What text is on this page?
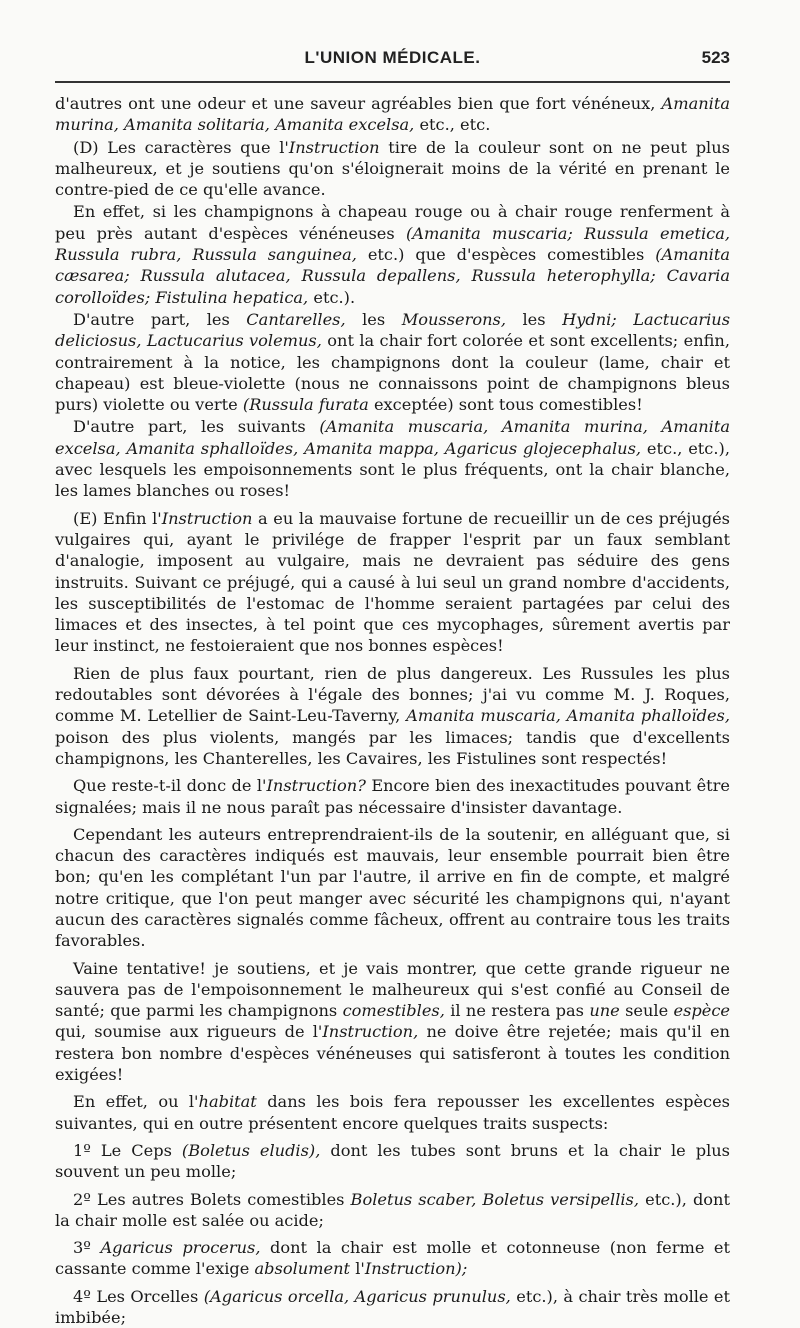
L'UNION MÉDICALE.	523

d'autres ont une odeur et une saveur agréables bien que fort vénéneux, Amanita murina, Amanita solitaria, Amanita excelsa, etc., etc.

(D) Les caractères que l'Instruction tire de la couleur sont on ne peut plus malheureux, et je soutiens qu'on s'éloignerait moins de la vérité en prenant le contre-pied de ce qu'elle avance.

En effet, si les champignons à chapeau rouge ou à chair rouge renferment à peu près autant d'espèces vénéneuses (Amanita muscaria; Russula emetica, Russula rubra, Russula sanguinea, etc.) que d'espèces comestibles (Amanita cæsarea; Russula alutacea, Russula depallens, Russula heterophylla; Cavaria corolloïdes; Fistulina hepatica, etc.).

D'autre part, les Cantarelles, les Mousserons, les Hydni; Lactucarius deliciosus, Lactucarius volemus, ont la chair fort colorée et sont excellents; enfin, contrairement à la notice, les champignons dont la couleur (lame, chair et chapeau) est bleue-violette (nous ne connaissons point de champignons bleus purs) violette ou verte (Russula furata exceptée) sont tous comestibles!

D'autre part, les suivants (Amanita muscaria, Amanita murina, Amanita excelsa, Amanita sphalloïdes, Amanita mappa, Agaricus glojecephalus, etc., etc.), avec lesquels les empoisonnements sont le plus fréquents, ont la chair blanche, les lames blanches ou roses!

(E) Enfin l'Instruction a eu la mauvaise fortune de recueillir un de ces préjugés vulgaires qui, ayant le privilége de frapper l'esprit par un faux semblant d'analogie, imposent au vulgaire, mais ne devraient pas séduire des gens instruits. Suivant ce préjugé, qui a causé à lui seul un grand nombre d'accidents, les susceptibilités de l'estomac de l'homme seraient partagées par celui des limaces et des insectes, à tel point que ces mycophages, sûrement avertis par leur instinct, ne festoieraient que nos bonnes espèces!

Rien de plus faux pourtant, rien de plus dangereux. Les Russules les plus redoutables sont dévorées à l'égale des bonnes; j'ai vu comme M. J. Roques, comme M. Letellier de Saint-Leu-Taverny, Amanita muscaria, Amanita phalloïdes, poison des plus violents, mangés par les limaces; tandis que d'excellents champignons, les Chanterelles, les Cavaires, les Fistulines sont respectés!

Que reste-t-il donc de l'Instruction? Encore bien des inexactitudes pouvant être signalées; mais il ne nous paraît pas nécessaire d'insister davantage.

Cependant les auteurs entreprendraient-ils de la soutenir, en alléguant que, si chacun des caractères indiqués est mauvais, leur ensemble pourrait bien être bon; qu'en les complétant l'un par l'autre, il arrive en fin de compte, et malgré notre critique, que l'on peut manger avec sécurité les champignons qui, n'ayant aucun des caractères signalés comme fâcheux, offrent au contraire tous les traits favorables.

Vaine tentative! je soutiens, et je vais montrer, que cette grande rigueur ne sauvera pas de l'empoisonnement le malheureux qui s'est confié au Conseil de santé; que parmi les champignons comestibles, il ne restera pas une seule espèce qui, soumise aux rigueurs de l'Instruction, ne doive être rejetée; mais qu'il en restera bon nombre d'espèces vénéneuses qui satisferont à toutes les condition exigées!

En effet, ou l'habitat dans les bois fera repousser les excellentes espèces suivantes, qui en outre présentent encore quelques traits suspects:

1º Le Ceps (Boletus eludis), dont les tubes sont bruns et la chair le plus souvent un peu molle;

2º Les autres Bolets comestibles Boletus scaber, Boletus versipellis, etc.), dont la chair molle est salée ou acide;

3º Agaricus procerus, dont la chair est molle et cotonneuse (non ferme et cassante comme l'exige absolument l'Instruction);

4º Les Orcelles (Agaricus orcella, Agaricus prunulus, etc.), à chair très molle et imbibée;
